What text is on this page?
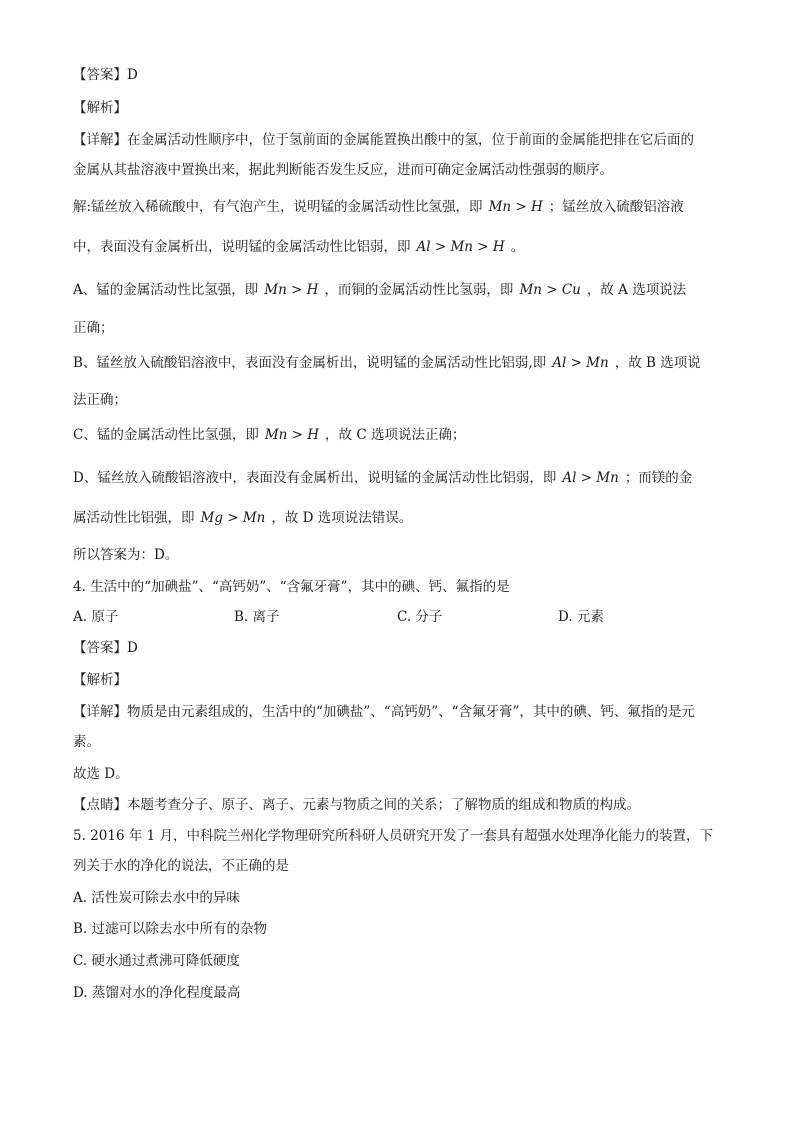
【答案】D
【解析】
【详解】在金属活动性顺序中，位于氢前面的金属能置换出酸中的氢，位于前面的金属能把排在它后面的
金属从其盐溶液中置换出来，据此判断能否发生反应，进而可确定金属活动性强弱的顺序。
解:锰丝放入稀硫酸中，有气泡产生，说明锰的金属活动性比氢强，即 Mn > H ；锰丝放入硫酸铝溶液
中，表面没有金属析出，说明锰的金属活动性比铝弱，即 Al > Mn > H 。
A、锰的金属活动性比氢强，即 Mn > H ，而铜的金属活动性比氢弱，即 Mn > Cu ，故 A 选项说法
正确；
B、锰丝放入硫酸铝溶液中，表面没有金属析出，说明锰的金属活动性比铝弱,即 Al > Mn ，故 B 选项说
法正确；
C、锰的金属活动性比氢强，即 Mn > H ，故 C 选项说法正确；
D、锰丝放入硫酸铝溶液中，表面没有金属析出，说明锰的金属活动性比铝弱，即 Al > Mn ；而镁的金
属活动性比铝强，即 Mg > Mn ，故 D 选项说法错误。
所以答案为：D。
4. 生活中的“加碘盐”、“高钙奶”、“含氟牙膏”，其中的碘、钙、氟指的是
A. 原子	B. 离子	C. 分子	D. 元素
【答案】D
【解析】
【详解】物质是由元素组成的，生活中的“加碘盐”、“高钙奶”、“含氟牙膏”，其中的碘、钙、氟指的是元
素。
故选 D。
【点睛】本题考查分子、原子、离子、元素与物质之间的关系；了解物质的组成和物质的构成。
5. 2016 年 1 月，中科院兰州化学物理研究所科研人员研究开发了一套具有超强水处理净化能力的装置，下
列关于水的净化的说法，不正确的是
A. 活性炭可除去水中的异味
B. 过滤可以除去水中所有的杂物
C. 硬水通过煮沸可降低硬度
D. 蒸馏对水的净化程度最高
